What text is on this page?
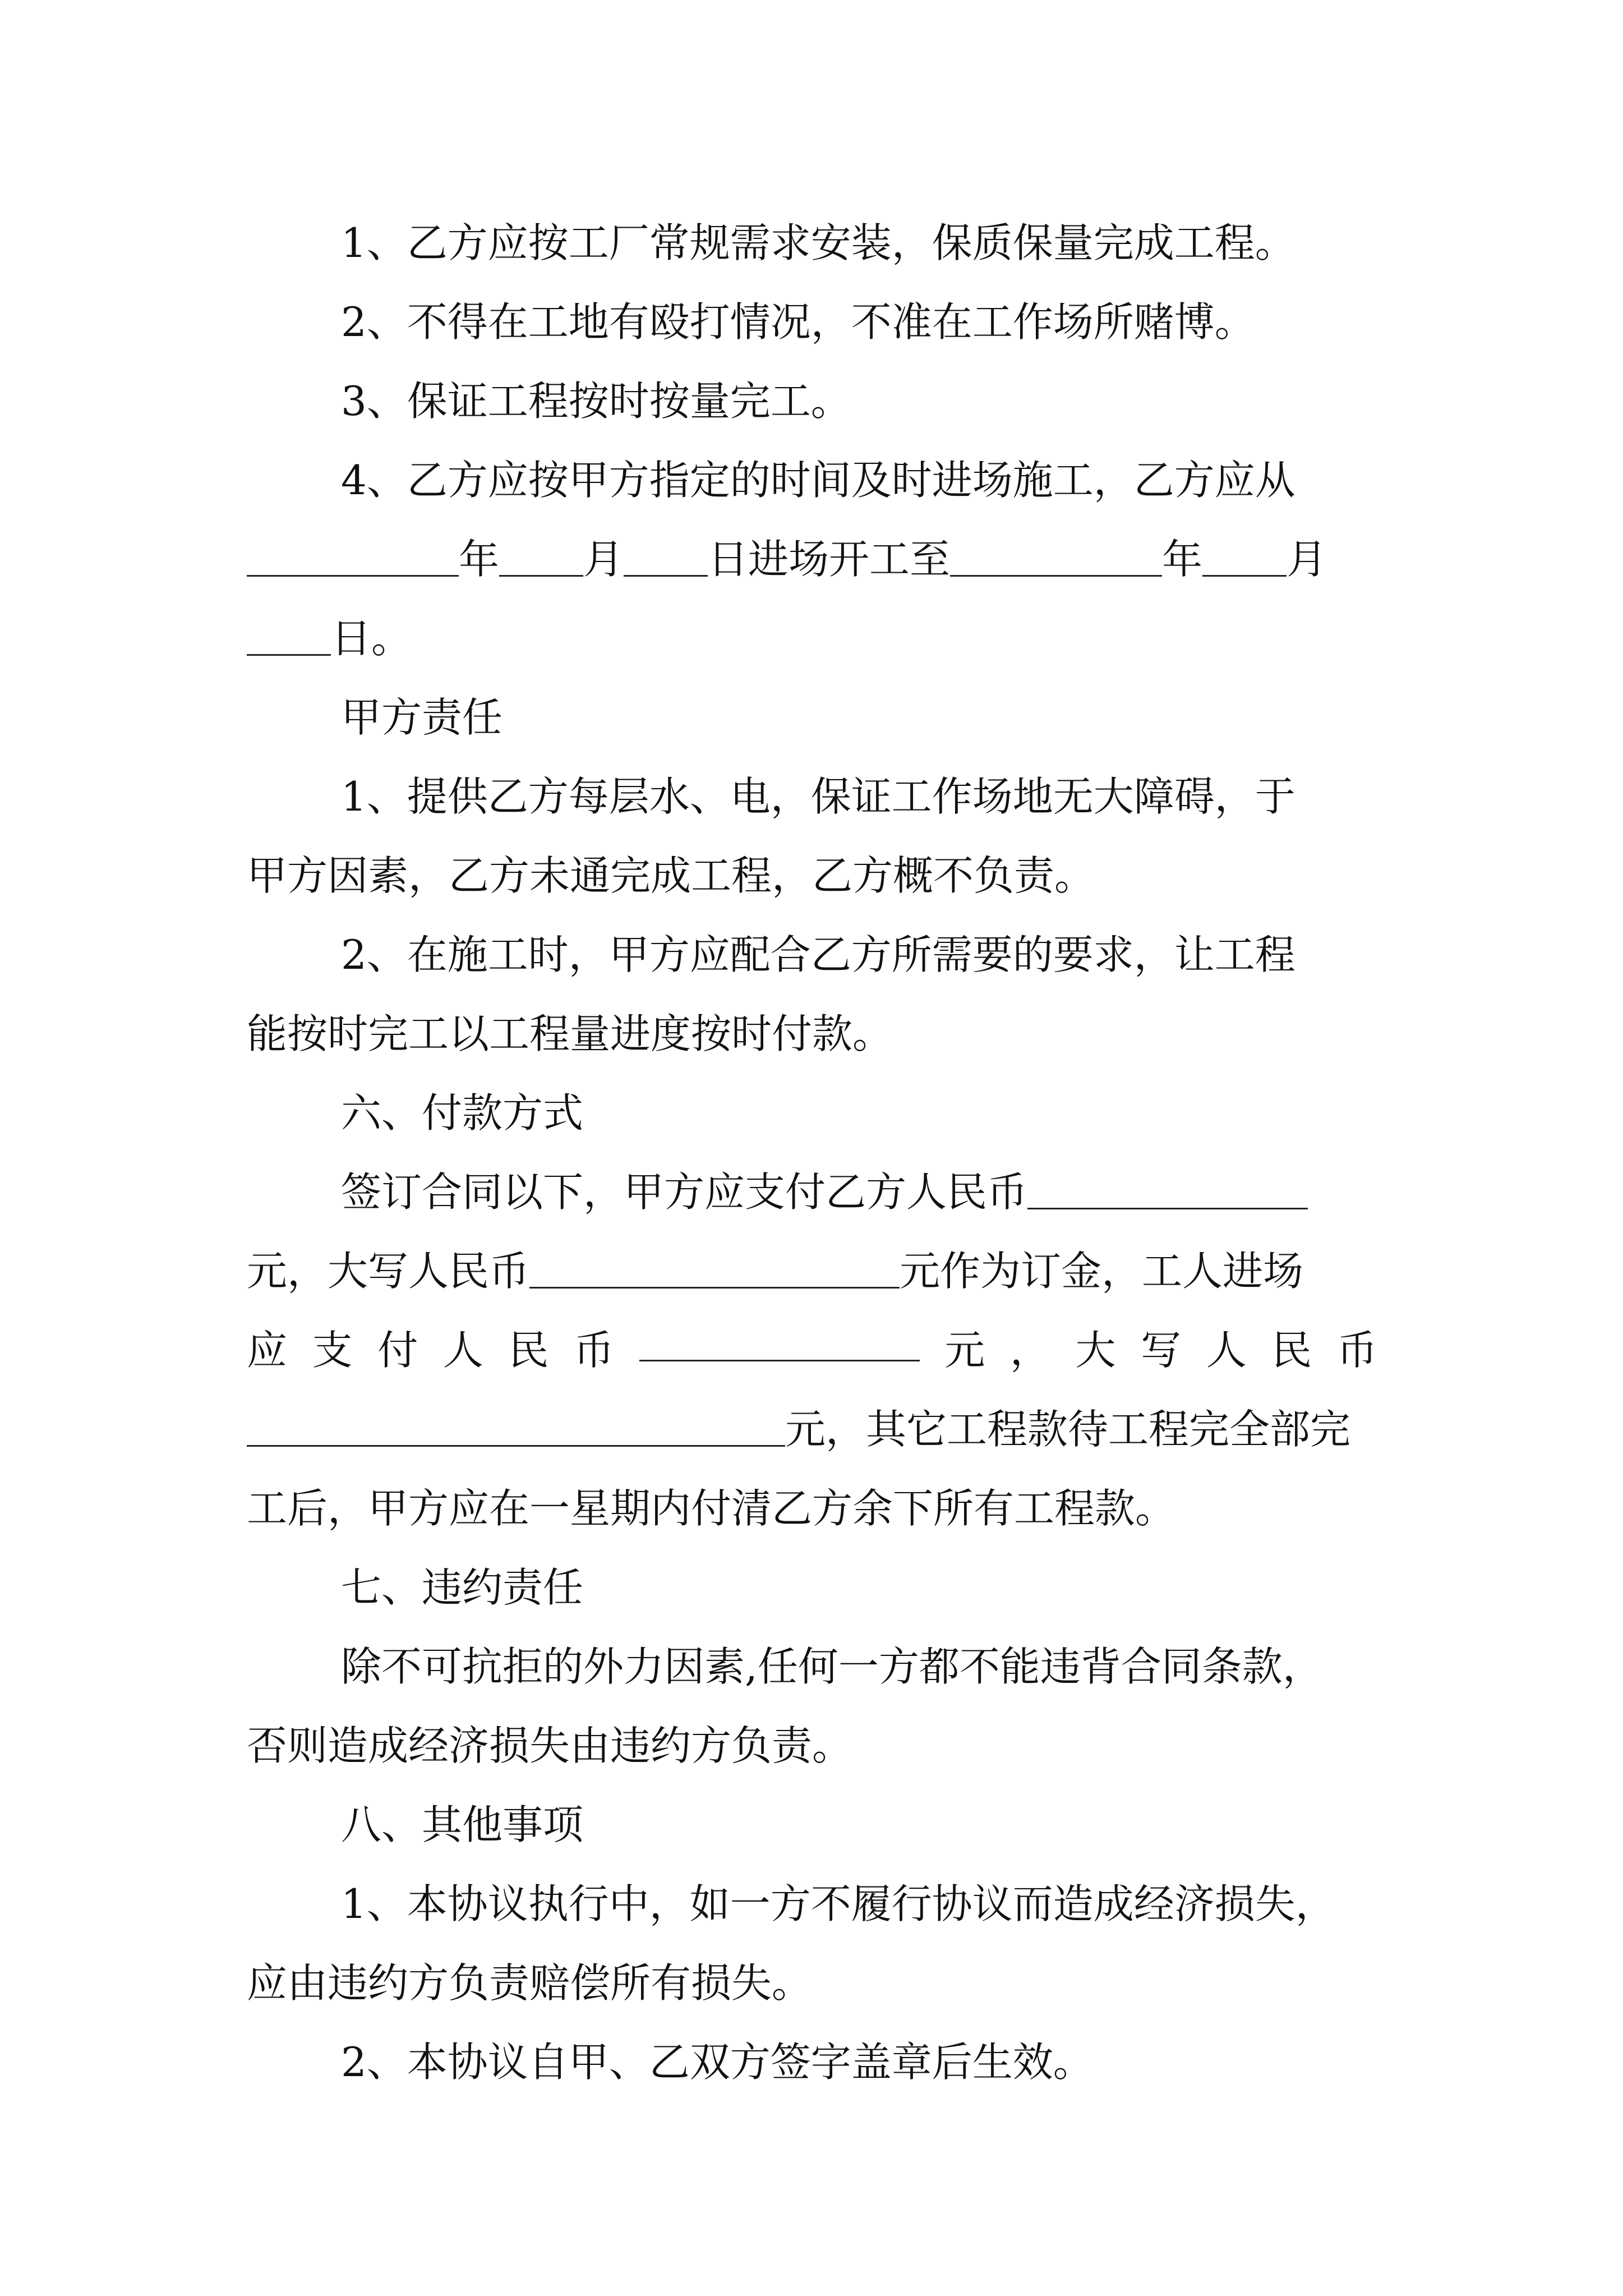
1、乙方应按工厂常规需求安装，保质保量完成工程。
2、不得在工地有殴打情况，不准在工作场所赌博。
3、保证工程按时按量完工。
4、乙方应按甲方指定的时间及时进场施工，乙方应从
年 月 日进场开工至	年 月
日。
甲方责任
1、提供乙方每层水、电，保证工作场地无大障碍，于
甲方因素，乙方未通完成工程，乙方概不负责。
2、在施工时，甲方应配合乙方所需要的要求，让工程
能按时完工以工程量进度按时付款。
六、付款方式
签订合同以下，甲方应支付乙方人民币
元，大写人民币	元作为订金，工人进场
应 支 付 人 民 币	元 ， 大 写 人 民 币
元，其它工程款待工程完全部完
工后，甲方应在一星期内付清乙方余下所有工程款。
七、违约责任
除不可抗拒的外力因素,任何一方都不能违背合同条款，
否则造成经济损失由违约方负责。
八、其他事项
1、本协议执行中，如一方不履行协议而造成经济损失，
应由违约方负责赔偿所有损失。
2、本协议自甲、乙双方签字盖章后生效。
